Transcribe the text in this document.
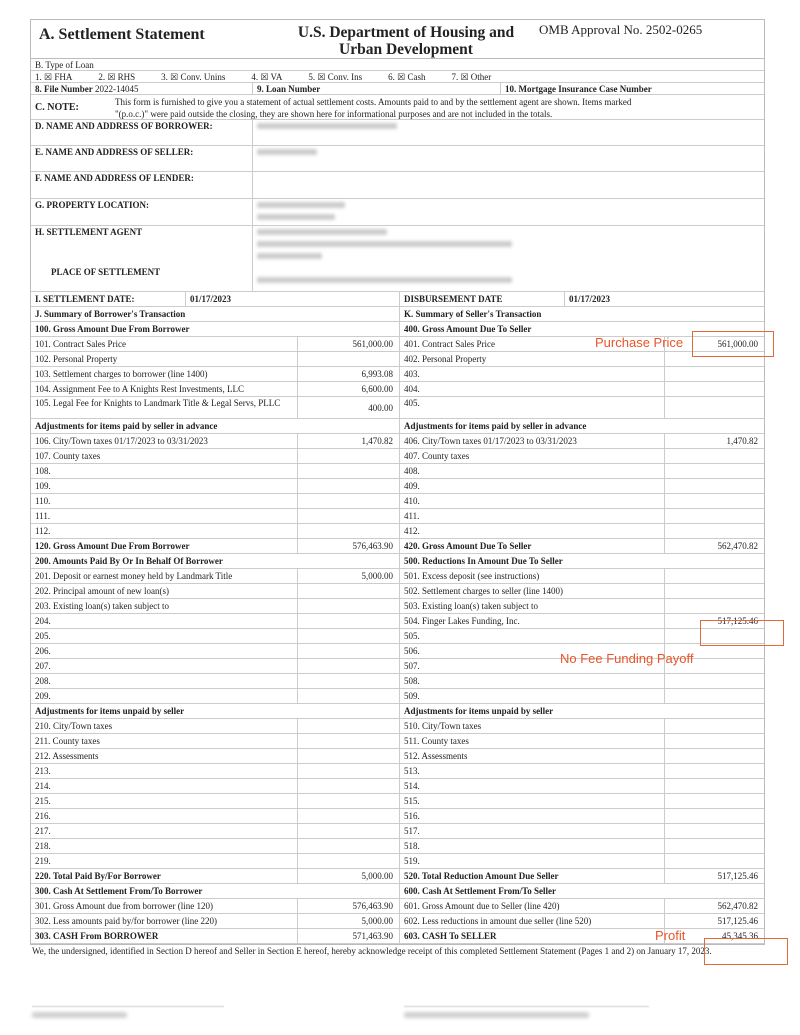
A. Settlement Statement	U.S. Department of Housing and
Urban Development
OMB Approval No. 2502-0265
B. Type of Loan
1. ☒ FHA	2. ☒ RHS	3. ☒ Conv. Unins	4. ☒ VA	5. ☒ Conv. Ins	6. ☒ Cash	7. ☒ Other
8. File Number 2022-14045	9. Loan Number	10. Mortgage Insurance Case Number
C. NOTE:	This form is furnished to give you a statement of actual settlement costs. Amounts paid to and by the settlement agent are shown. Items marked
"(p.o.c.)" were paid outside the closing, they are shown here for informational purposes and are not included in the totals.
D. NAME AND ADDRESS OF BORROWER:
E. NAME AND ADDRESS OF SELLER:
F. NAME AND ADDRESS OF LENDER:
G. PROPERTY LOCATION:

H. SETTLEMENT AGENT
PLACE OF SETTLEMENT

I. SETTLEMENT DATE:	01/17/2023
J. Summary of Borrower's Transaction
100. Gross Amount Due From Borrower
101. Contract Sales Price	561,000.00
102. Personal Property
103. Settlement charges to borrower (line 1400)	6,993.08
104. Assignment Fee to A Knights Rest Investments, LLC	6,600.00
105. Legal Fee for Knights to Landmark Title & Legal Servs, PLLC	400.00
Adjustments for items paid by seller in advance
106. City/Town taxes 01/17/2023 to 03/31/2023	1,470.82
107. County taxes
108.
109.
110.
111.
112.
120. Gross Amount Due From Borrower	576,463.90
200. Amounts Paid By Or In Behalf Of Borrower
201. Deposit or earnest money held by Landmark Title	5,000.00
202. Principal amount of new loan(s)
203. Existing loan(s) taken subject to
204.
205.
206.
207.
208.
209.
Adjustments for items unpaid by seller
210. City/Town taxes
211. County taxes
212. Assessments
213.
214.
215.
216.
217.
218.
219.
220. Total Paid By/For Borrower	5,000.00
300. Cash At Settlement From/To Borrower
301. Gross Amount due from borrower (line 120)	576,463.90
302. Less amounts paid by/for borrower (line 220)	5,000.00
303. CASH From BORROWER	571,463.90
DISBURSEMENT DATE	01/17/2023
K. Summary of Seller's Transaction
400. Gross Amount Due To Seller
401. Contract Sales Price	561,000.00
402. Personal Property
403.
404.
405.
Adjustments for items paid by seller in advance
406. City/Town taxes 01/17/2023 to 03/31/2023	1,470.82
407. County taxes
408.
409.
410.
411.
412.
420. Gross Amount Due To Seller	562,470.82
500. Reductions In Amount Due To Seller
501. Excess deposit (see instructions)
502. Settlement charges to seller (line 1400)
503. Existing loan(s) taken subject to
504. Finger Lakes Funding, Inc.	517,125.46
505.
506.
507.
508.
509.
Adjustments for items unpaid by seller
510. City/Town taxes
511. County taxes
512. Assessments
513.
514.
515.
516.
517.
518.
519.
520. Total Reduction Amount Due Seller	517,125.46
600. Cash At Settlement From/To Seller
601. Gross Amount due to Seller (line 420)	562,470.82
602. Less reductions in amount due seller (line 520)	517,125.46
603. CASH To SELLER	45,345.36
We, the undersigned, identified in Section D hereof and Seller in Section E hereof, hereby acknowledge receipt of this completed Settlement Statement (Pages 1 and 2) on January 17, 2023.
Purchase Price
No Fee Funding Payoff
Profit
